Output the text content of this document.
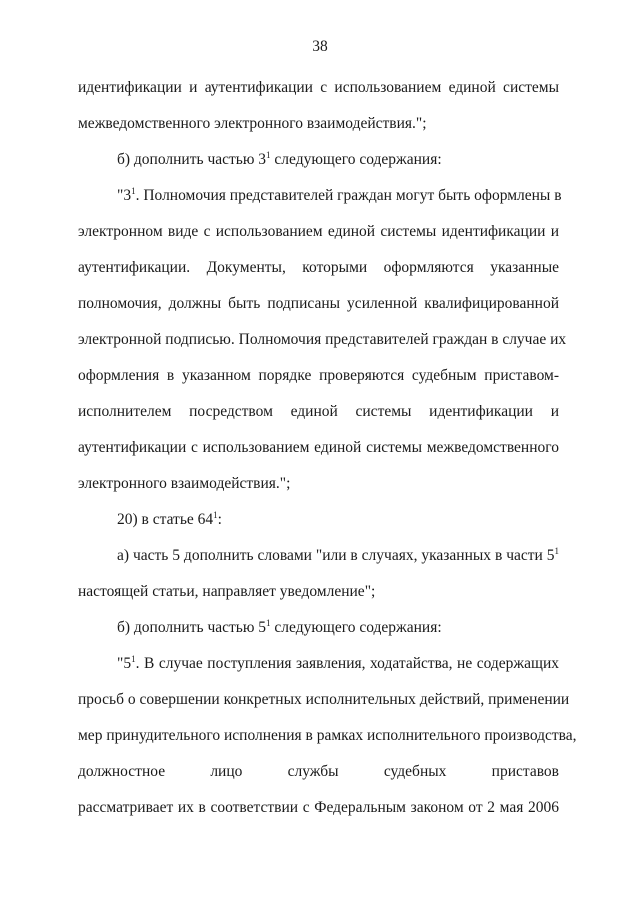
38
идентификации и аутентификации с использованием единой системы
межведомственного электронного взаимодействия.";
б) дополнить частью $3^1$ следующего содержания:
"$3^1$. Полномочия представителей граждан могут быть оформлены в
электронном виде с использованием единой системы идентификации и
аутентификации. Документы, которыми оформляются указанные
полномочия, должны быть подписаны усиленной квалифицированной
электронной подписью. Полномочия представителей граждан в случае их
оформления в указанном порядке проверяются судебным приставом-
исполнителем посредством единой системы идентификации и
аутентификации с использованием единой системы межведомственного
электронного взаимодействия.";
20) в статье $64^1$:
а) часть 5 дополнить словами "или в случаях, указанных в части $5^1$
настоящей статьи, направляет уведомление";
б) дополнить частью $5^1$ следующего содержания:
"$5^1$. В случае поступления заявления, ходатайства, не содержащих
просьб о совершении конкретных исполнительных действий, применении
мер принудительного исполнения в рамках исполнительного производства,
должностное лицо службы судебных приставов
рассматривает их в соответствии с Федеральным законом от 2 мая 2006
